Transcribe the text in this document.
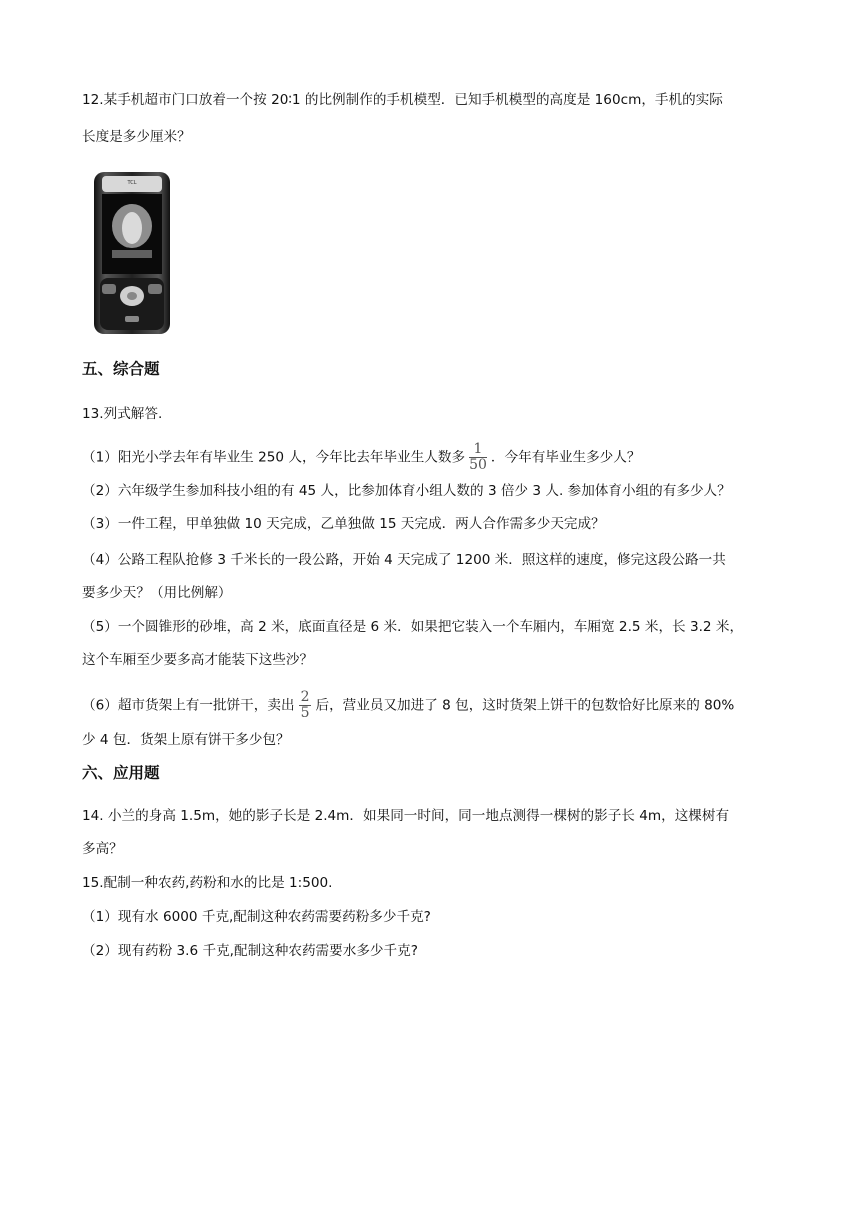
12.某手机超市门口放着一个按 20∶1 的比例制作的手机模型．已知手机模型的高度是 160cm，手机的实际
长度是多少厘米？
TCL
五、综合题
13.列式解答.
（1）阳光小学去年有毕业生 250 人，今年比去年毕业生人数多 $\frac{1}{50}$ ．今年有毕业生多少人？
（2）六年级学生参加科技小组的有 45 人，比参加体育小组人数的 3 倍少 3 人. 参加体育小组的有多少人？
（3）一件工程，甲单独做 10 天完成，乙单独做 15 天完成．两人合作需多少天完成？
（4）公路工程队抢修 3 千米长的一段公路，开始 4 天完成了 1200 米．照这样的速度，修完这段公路一共
要多少天？（用比例解）
（5）一个圆锥形的砂堆，高 2 米，底面直径是 6 米．如果把它装入一个车厢内，车厢宽 2.5 米，长 3.2 米，
这个车厢至少要多高才能装下这些沙？
（6）超市货架上有一批饼干，卖出 $\frac{2}{5}$ 后，营业员又加进了 8 包，这时货架上饼干的包数恰好比原来的 80%
少 4 包．货架上原有饼干多少包？
六、应用题
14. 小兰的身高 1.5m，她的影子长是 2.4m．如果同一时间，同一地点测得一棵树的影子长 4m，这棵树有
多高？
15.配制一种农药,药粉和水的比是 1:500.
（1）现有水 6000 千克,配制这种农药需要药粉多少千克?
（2）现有药粉 3.6 千克,配制这种农药需要水多少千克?
